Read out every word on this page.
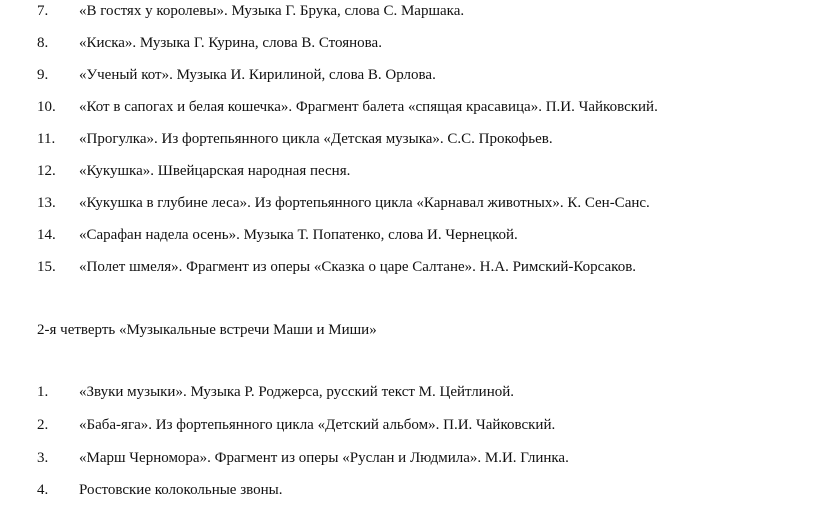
7.	«В гостях у королевы». Музыка Г. Брука, слова С. Маршака.
8.	«Киска». Музыка Г. Курина, слова В. Стоянова.
9.	«Ученый кот». Музыка И. Кирилиной, слова В. Орлова.
10.	«Кот в сапогах и белая кошечка». Фрагмент балета «спящая красавица». П.И. Чайковский.
11.	«Прогулка». Из фортепьянного цикла «Детская музыка». С.С. Прокофьев.
12.	«Кукушка». Швейцарская народная песня.
13.	«Кукушка в глубине леса». Из фортепьянного цикла «Карнавал животных». К. Сен-Санс.
14.	«Сарафан надела осень». Музыка Т. Попатенко, слова И. Чернецкой.
15.	«Полет шмеля». Фрагмент из оперы «Сказка о царе Салтане». Н.А. Римский-Корсаков.
2-я четверть «Музыкальные встречи Маши и Миши»
1.	«Звуки музыки». Музыка Р. Роджерса, русский текст М. Цейтлиной.
2.	«Баба-яга». Из фортепьянного цикла «Детский альбом». П.И. Чайковский.
3.	«Марш Черномора». Фрагмент из оперы «Руслан и Людмила». М.И. Глинка.
4.	Ростовские колокольные звоны.
